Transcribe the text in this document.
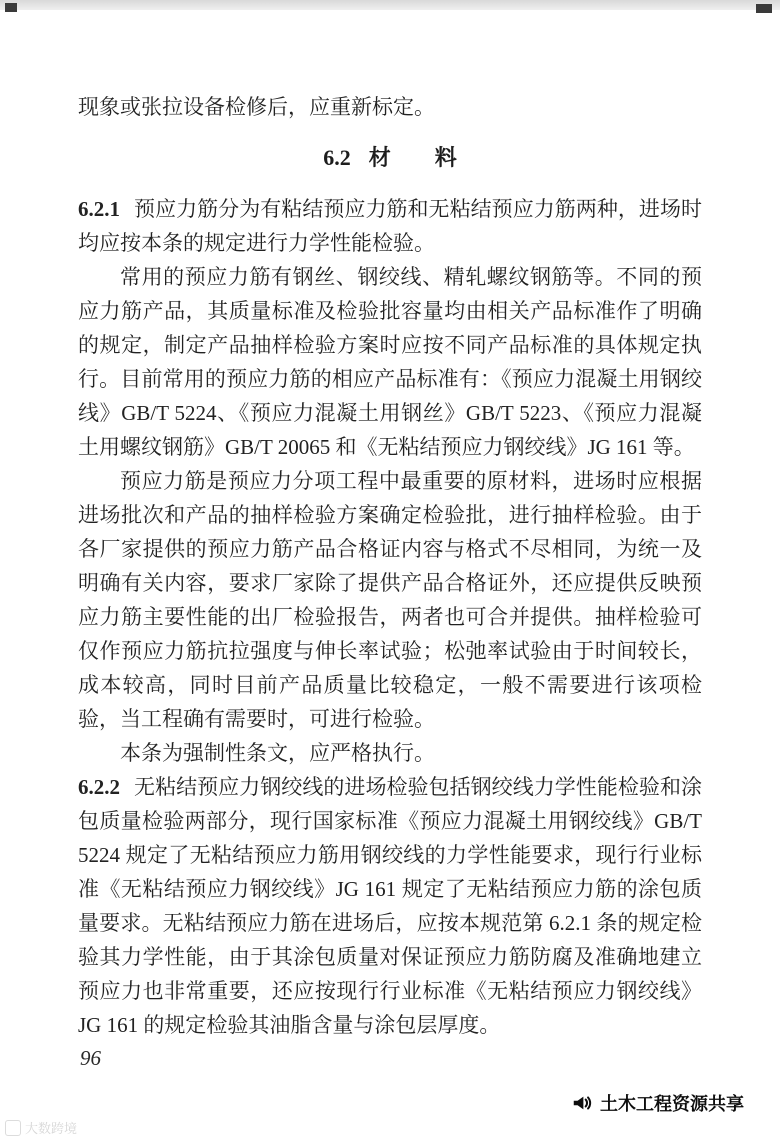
现象或张拉设备检修后，应重新标定。

6.2 材　　料

6.2.1 预应力筋分为有粘结预应力筋和无粘结预应力筋两种，进场时均应按本条的规定进行力学性能检验。

常用的预应力筋有钢丝、钢绞线、精轧螺纹钢筋等。不同的预应力筋产品，其质量标准及检验批容量均由相关产品标准作了明确的规定，制定产品抽样检验方案时应按不同产品标准的具体规定执行。目前常用的预应力筋的相应产品标准有：《预应力混凝土用钢绞线》GB/T 5224、《预应力混凝土用钢丝》GB/T 5223、《预应力混凝土用螺纹钢筋》GB/T 20065 和《无粘结预应力钢绞线》JG 161 等。

预应力筋是预应力分项工程中最重要的原材料，进场时应根据进场批次和产品的抽样检验方案确定检验批，进行抽样检验。由于各厂家提供的预应力筋产品合格证内容与格式不尽相同，为统一及明确有关内容，要求厂家除了提供产品合格证外，还应提供反映预应力筋主要性能的出厂检验报告，两者也可合并提供。抽样检验可仅作预应力筋抗拉强度与伸长率试验；松弛率试验由于时间较长，成本较高，同时目前产品质量比较稳定，一般不需要进行该项检验，当工程确有需要时，可进行检验。

本条为强制性条文，应严格执行。

6.2.2 无粘结预应力钢绞线的进场检验包括钢绞线力学性能检验和涂包质量检验两部分，现行国家标准《预应力混凝土用钢绞线》GB/T 5224 规定了无粘结预应力筋用钢绞线的力学性能要求，现行行业标准《无粘结预应力钢绞线》JG 161 规定了无粘结预应力筋的涂包质量要求。无粘结预应力筋在进场后，应按本规范第 6.2.1 条的规定检验其力学性能，由于其涂包质量对保证预应力筋防腐及准确地建立预应力也非常重要，还应按现行行业标准《无粘结预应力钢绞线》JG 161 的规定检验其油脂含量与涂包层厚度。

96
土木工程资源共享
大数跨境
